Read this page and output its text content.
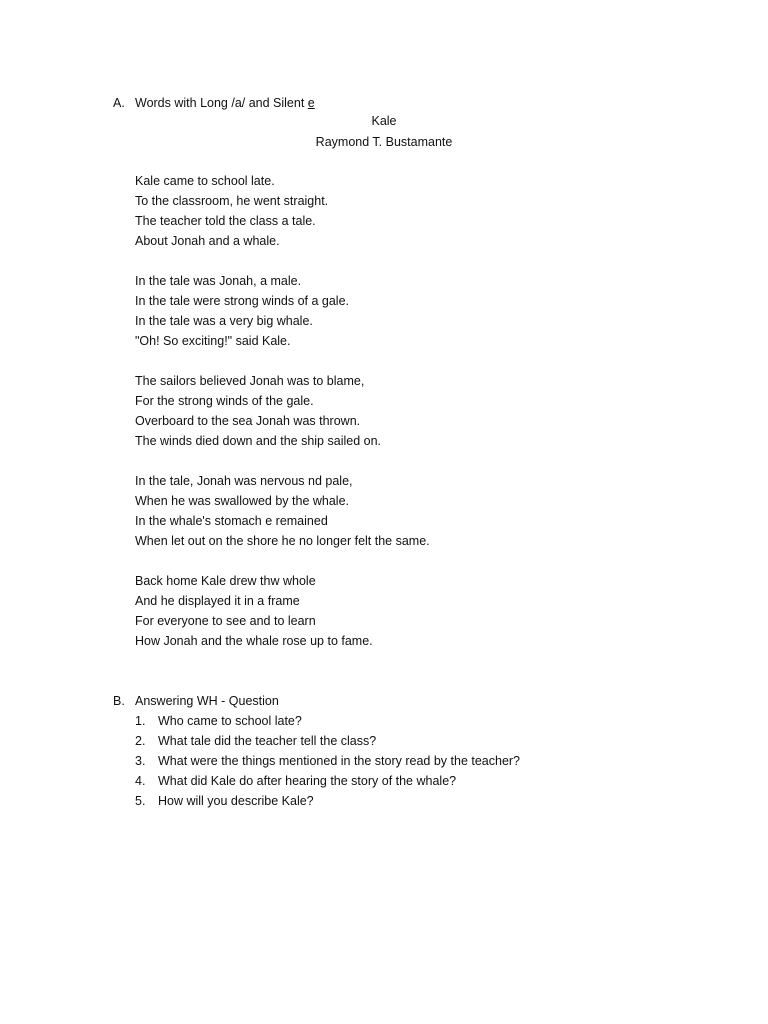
A. Words with Long /a/ and Silent e
Kale
Raymond T. Bustamante
Kale came to school late.
To the classroom, he went straight.
The teacher told the class a tale.
About Jonah and a whale.
In the tale was Jonah, a male.
In the tale were strong winds of a gale.
In the tale was a very big whale.
"Oh! So exciting!" said Kale.
The sailors believed Jonah was to blame,
For the strong winds of the gale.
Overboard to the sea Jonah was thrown.
The winds died down and the ship sailed on.
In the tale, Jonah was nervous nd pale,
When he was swallowed by the whale.
In the whale's stomach e remained
When let out on the shore he no longer felt the same.
Back home Kale drew thw whole
And he displayed it in a frame
For everyone to see and to learn
How Jonah and the whale rose up to fame.
B. Answering WH - Question
1.	Who came to school late?
2.	What tale did the teacher tell the class?
3.	What were the things mentioned in the story read by the teacher?
4.	What did Kale do after hearing the story of the whale?
5.	How will you describe Kale?
